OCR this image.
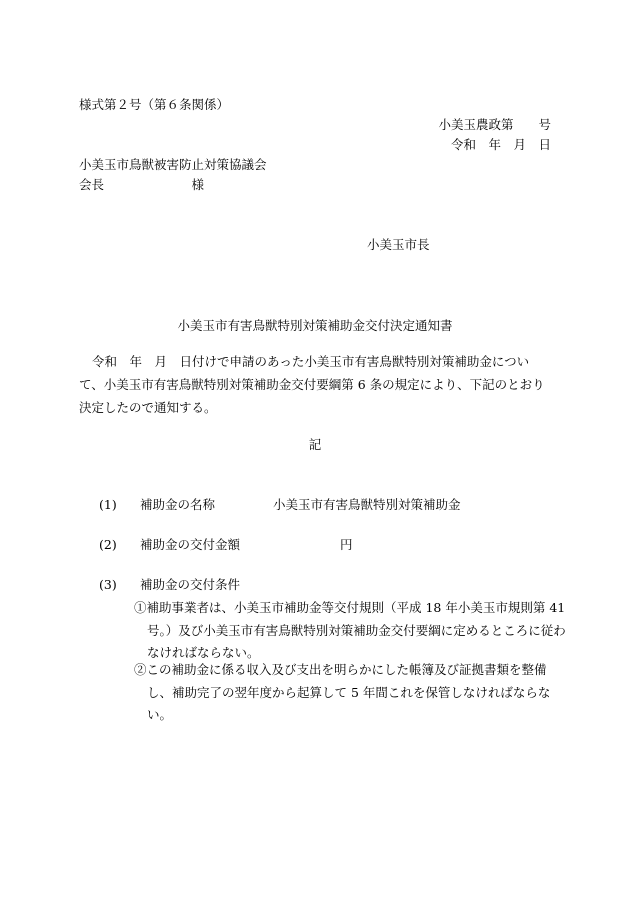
様式第２号（第６条関係）
小美玉農政第　　号
令和　年　月　日
小美玉市鳥獣被害防止対策協議会
会長　　　　　　　様
小美玉市長
小美玉市有害鳥獣特別対策補助金交付決定通知書
令和　年　月　日付けで申請のあった小美玉市有害鳥獣特別対策補助金について、小美玉市有害鳥獣特別対策補助金交付要綱第 6 条の規定により、下記のとおり決定したので通知する。
記
(1) 補助金の名称	小美玉市有害鳥獣特別対策補助金
(2) 補助金の交付金額	円
(3) 補助金の交付条件
①補助事業者は、小美玉市補助金等交付規則（平成 18 年小美玉市規則第 41 号。）及び小美玉市有害鳥獣特別対策補助金交付要綱に定めるところに従わなければならない。
②この補助金に係る収入及び支出を明らかにした帳簿及び証拠書類を整備し、補助完了の翌年度から起算して 5 年間これを保管しなければならない。
